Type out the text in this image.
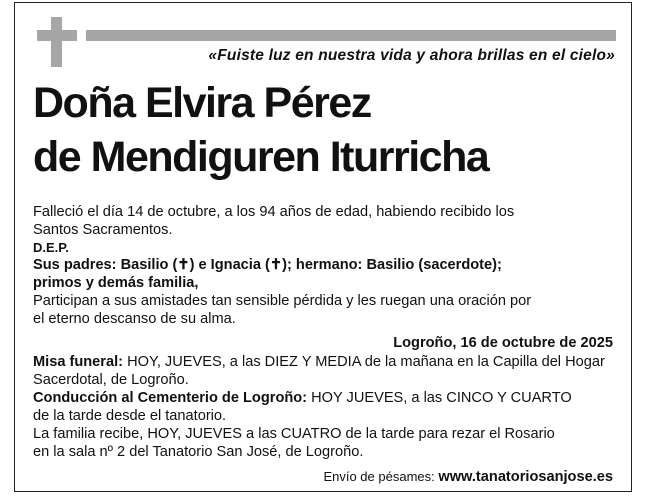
«Fuiste luz en nuestra vida y ahora brillas en el cielo»
Doña Elvira Pérez
de Mendiguren Iturricha
Falleció el día 14 de octubre, a los 94 años de edad, habiendo recibido los
Santos Sacramentos.
D.E.P.
Sus padres: Basilio (✝) e Ignacia (✝); hermano: Basilio (sacerdote);
primos y demás familia,
Participan a sus amistades tan sensible pérdida y les ruegan una oración por
el eterno descanso de su alma.
Logroño, 16 de octubre de 2025
Misa funeral: HOY, JUEVES, a las DIEZ Y MEDIA de la mañana en la Capilla del Hogar
Sacerdotal, de Logroño.
Conducción al Cementerio de Logroño: HOY JUEVES, a las CINCO Y CUARTO
de la tarde desde el tanatorio.
La familia recibe, HOY, JUEVES a las CUATRO de la tarde para rezar el Rosario
en la sala nº 2 del Tanatorio San José, de Logroño.
Envío de pésames: www.tanatoriosanjose.es
